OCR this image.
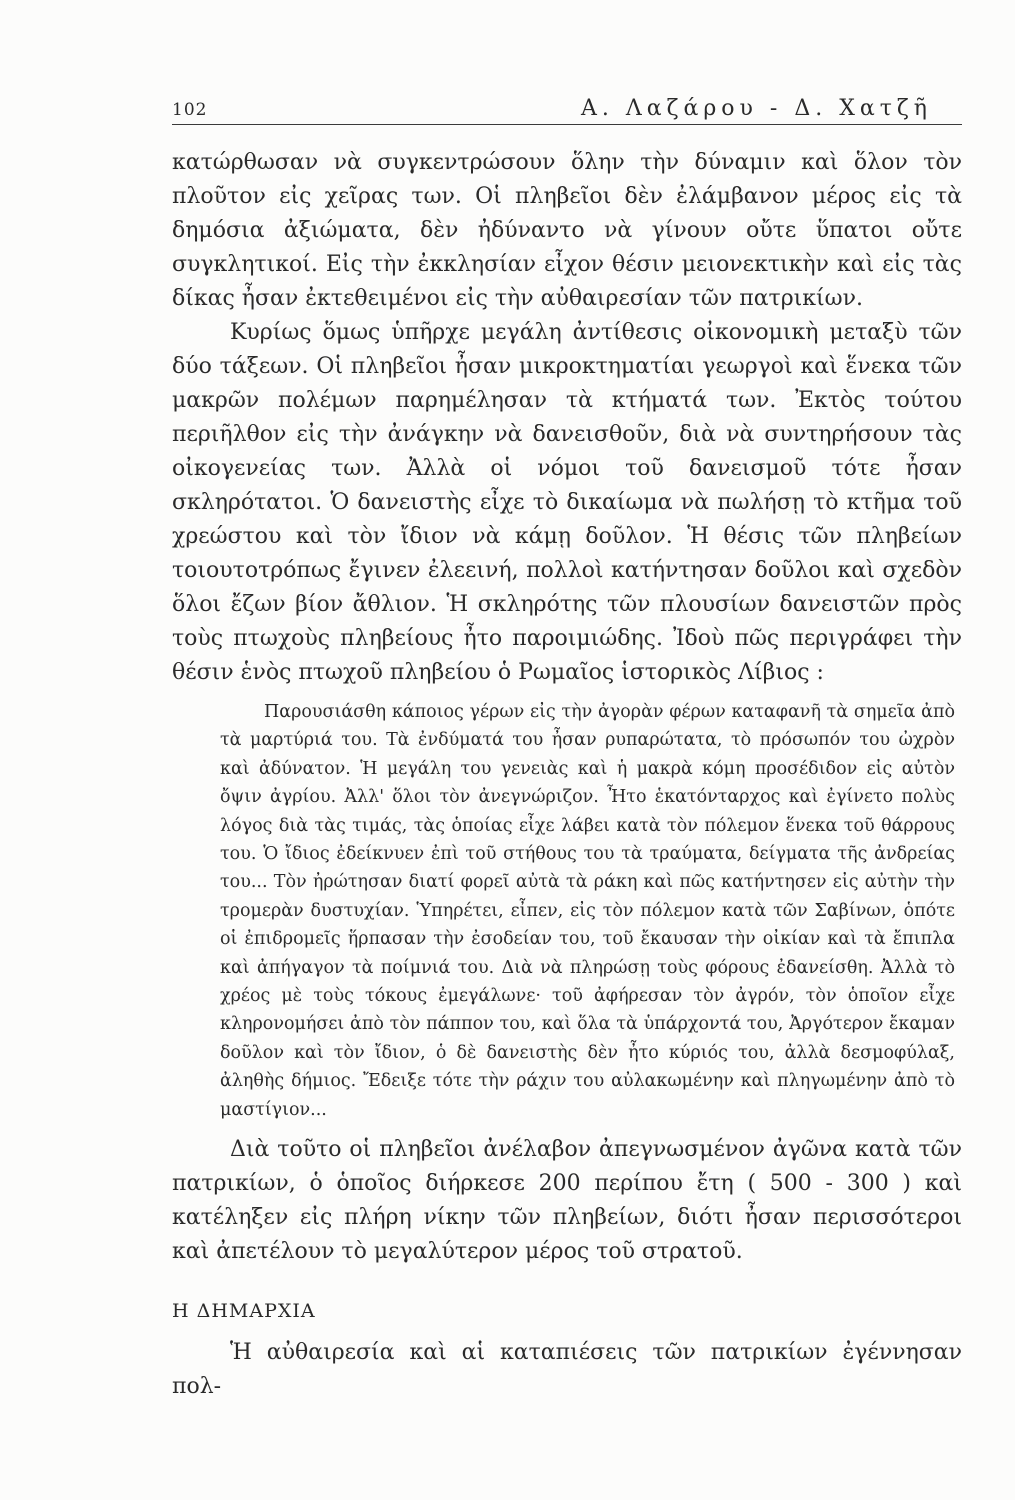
102	Α. Λαζάρου - Δ. Χατζῆ

κατώρθωσαν νὰ συγκεντρώσουν ὅλην τὴν δύναμιν καὶ ὅλον τὸν πλοῦτον εἰς χεῖρας των. Οἱ πληβεῖοι δὲν ἐλάμβανον μέρος εἰς τὰ δημόσια ἀξιώματα, δὲν ἠδύναντο νὰ γίνουν οὔτε ὕπατοι οὔτε συγκλητικοί. Εἰς τὴν ἐκκλησίαν εἶχον θέσιν μειονεκτικὴν καὶ εἰς τὰς δίκας ἦσαν ἐκτεθειμένοι εἰς τὴν αὐθαιρεσίαν τῶν πατρικίων.

Κυρίως ὅμως ὑπῆρχε μεγάλη ἀντίθεσις οἰκονομικὴ μεταξὺ τῶν δύο τάξεων. Οἱ πληβεῖοι ἦσαν μικροκτηματίαι γεωργοὶ καὶ ἕνεκα τῶν μακρῶν πολέμων παρημέλησαν τὰ κτήματά των. Ἐκτὸς τούτου περιῆλθον εἰς τὴν ἀνάγκην νὰ δανεισθοῦν, διὰ νὰ συντηρήσουν τὰς οἰκογενείας των. Ἀλλὰ οἱ νόμοι τοῦ δανεισμοῦ τότε ἦσαν σκληρότατοι. Ὁ δανειστὴς εἶχε τὸ δικαίωμα νὰ πωλήσῃ τὸ κτῆμα τοῦ χρεώστου καὶ τὸν ἴδιον νὰ κάμῃ δοῦλον. Ἡ θέσις τῶν πληβείων τοιουτοτρόπως ἔγινεν ἐλεεινή, πολλοὶ κατήντησαν δοῦλοι καὶ σχεδὸν ὅλοι ἔζων βίον ἄθλιον. Ἡ σκληρότης τῶν πλουσίων δανειστῶν πρὸς τοὺς πτωχοὺς πληβείους ἦτο παροιμιώδης. Ἰδοὺ πῶς περιγράφει τὴν θέσιν ἑνὸς πτωχοῦ πληβείου ὁ Ρωμαῖος ἱστορικὸς Λίβιος :

Παρουσιάσθη κάποιος γέρων εἰς τὴν ἀγορὰν φέρων καταφανῆ τὰ σημεῖα ἀπὸ τὰ μαρτύριά του. Τὰ ἐνδύματά του ἦσαν ρυπαρώτατα, τὸ πρόσωπόν του ὠχρὸν καὶ ἀδύνατον. Ἡ μεγάλη του γενειὰς καὶ ἡ μακρὰ κόμη προσέδιδον εἰς αὐτὸν ὄψιν ἀγρίου. Ἀλλ' ὅλοι τὸν ἀνεγνώριζον. Ἦτο ἑκατόνταρχος καὶ ἐγίνετο πολὺς λόγος διὰ τὰς τιμάς, τὰς ὁποίας εἶχε λάβει κατὰ τὸν πόλεμον ἕνεκα τοῦ θάρρους του. Ὁ ἴδιος ἐδείκνυεν ἐπὶ τοῦ στήθους του τὰ τραύματα, δείγματα τῆς ἀνδρείας του... Τὸν ἠρώτησαν διατί φορεῖ αὐτὰ τὰ ράκη καὶ πῶς κατήντησεν εἰς αὐτὴν τὴν τρομερὰν δυστυχίαν. Ὑπηρέτει, εἶπεν, εἰς τὸν πόλεμον κατὰ τῶν Σαβίνων, ὁπότε οἱ ἐπιδρομεῖς ἥρπασαν τὴν ἐσοδείαν του, τοῦ ἔκαυσαν τὴν οἰκίαν καὶ τὰ ἔπιπλα καὶ ἀπήγαγον τὰ ποίμνιά του. Διὰ νὰ πληρώσῃ τοὺς φόρους ἐδανείσθη. Ἀλλὰ τὸ χρέος μὲ τοὺς τόκους ἐμεγάλωνε· τοῦ ἀφήρεσαν τὸν ἀγρόν, τὸν ὁποῖον εἶχε κληρονομήσει ἀπὸ τὸν πάππον του, καὶ ὅλα τὰ ὑπάρχοντά του, Ἀργότερον ἔκαμαν δοῦλον καὶ τὸν ἴδιον, ὁ δὲ δανειστὴς δὲν ἦτο κύριός του, ἀλλὰ δεσμοφύλαξ, ἀληθὴς δήμιος. Ἔδειξε τότε τὴν ράχιν του αὐλακωμένην καὶ πληγωμένην ἀπὸ τὸ μαστίγιον...

Διὰ τοῦτο οἱ πληβεῖοι ἀνέλαβον ἀπεγνωσμένον ἀγῶνα κατὰ τῶν πατρικίων, ὁ ὁποῖος διήρκεσε 200 περίπου ἔτη ( 500 - 300 ) καὶ κατέληξεν εἰς πλήρη νίκην τῶν πληβείων, διότι ἦσαν περισσότεροι καὶ ἀπετέλουν τὸ μεγαλύτερον μέρος τοῦ στρατοῦ.

Η ΔΗΜΑΡΧΙΑ

Ἡ αὐθαιρεσία καὶ αἱ καταπιέσεις τῶν πατρικίων ἐγέννησαν πολ-
